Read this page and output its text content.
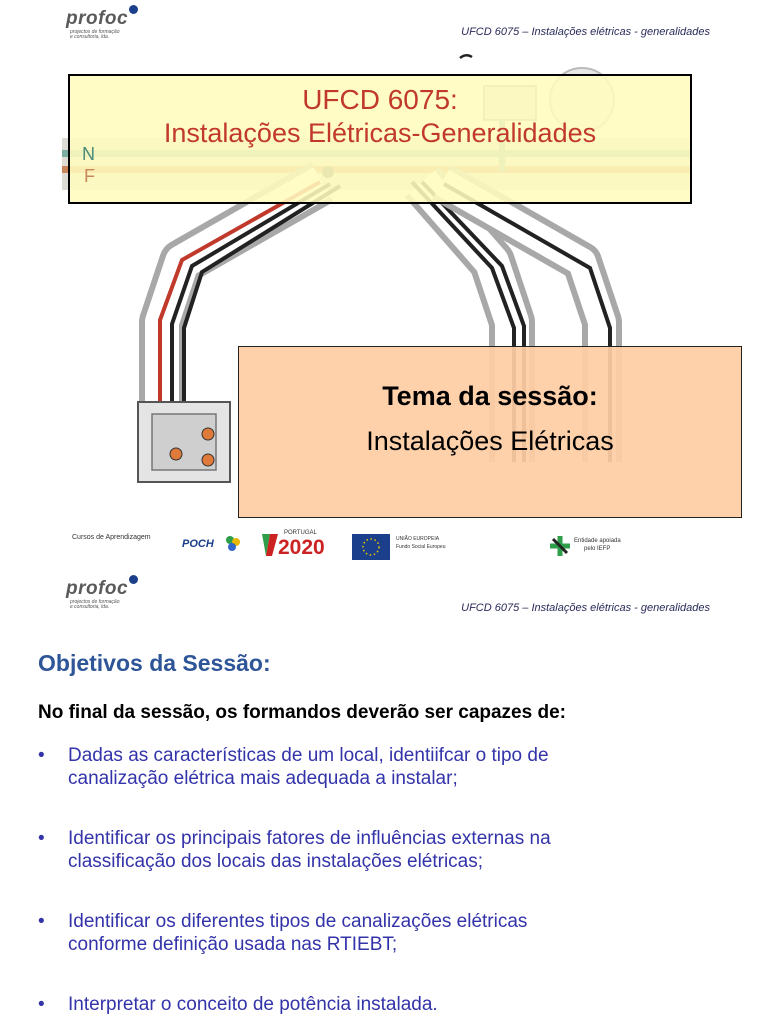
profoc
projectos de formação
e consultoria, lda.	UFCD 6075 – Instalações elétricas - generalidades
UFCD 6075:
Instalações Elétricas-Generalidades
N
F
Tema da sessão:
Instalações Elétricas
Cursos de Aprendizagem
POCH
PORTUGAL
2020	UNIÃO EUROPEIA
Fundo Social Europeu
Entidade apoiada
pelo IEFP
profoc
projectos de formação
e consultoria, lda.	UFCD 6075 – Instalações elétricas - generalidades
Objetivos da Sessão:
No final da sessão, os formandos deverão ser capazes de:
• Dadas as características de um local, identiifcar o tipo de
canalização elétrica mais adequada a instalar;
• Identificar os principais fatores de influências externas na
classificação dos locais das instalações elétricas;
• Identificar os diferentes tipos de canalizações elétricas
conforme definição usada nas RTIEBT;
• Interpretar o conceito de potência instalada.
